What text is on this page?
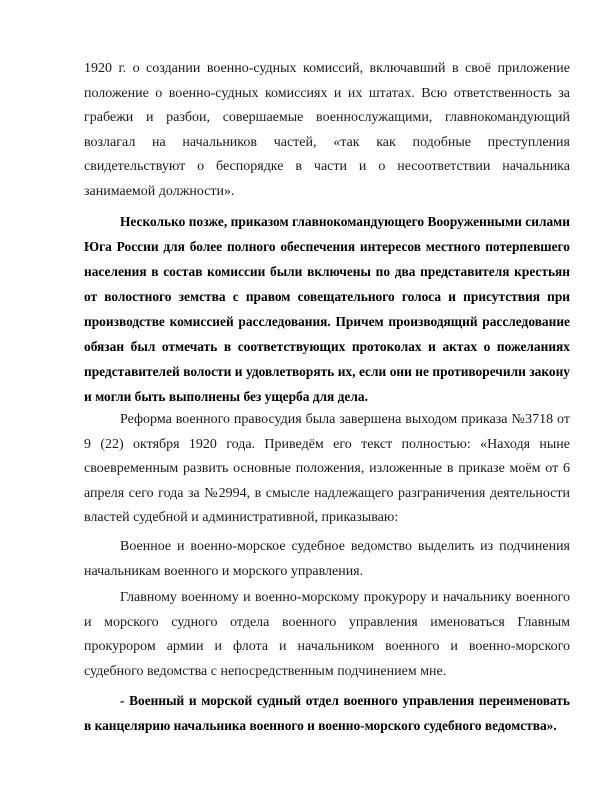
1920 г. о создании военно-судных комиссий, включавший в своё приложение положение о военно-судных комиссиях и их штатах. Всю ответственность за грабежи и разбои, совершаемые военнослужащими, главнокомандующий возлагал на начальников частей, «так как подобные преступления свидетельствуют о беспорядке в части и о несоответствии начальника занимаемой должности».

Несколько позже, приказом главнокомандующего Вооруженными силами Юга России для более полного обеспечения интересов местного потерпевшего населения в состав комиссии были включены по два представителя крестьян от волостного земства с правом совещательного голоса и присутствия при производстве комиссией расследования. Причем производящий расследование обязан был отмечать в соответствующих протоколах и актах о пожеланиях представителей волости и удовлетворять их, если они не противоречили закону и могли быть выполнены без ущерба для дела.

Реформа военного правосудия была завершена выходом приказа №3718 от 9 (22) октября 1920 года. Приведём его текст полностью: «Находя ныне своевременным развить основные положения, изложенные в приказе моём от 6 апреля сего года за №2994, в смысле надлежащего разграничения деятельности властей судебной и административной, приказываю:

Военное и военно-морское судебное ведомство выделить из подчинения начальникам военного и морского управления.

Главному военному и военно-морскому прокурору и начальнику военного и морского судного отдела военного управления именоваться Главным прокурором армии и флота и начальником военного и военно-морского судебного ведомства с непосредственным подчинением мне.

- Военный и морской судный отдел военного управления переименовать в канцелярию начальника военного и военно-морского судебного ведомства».
